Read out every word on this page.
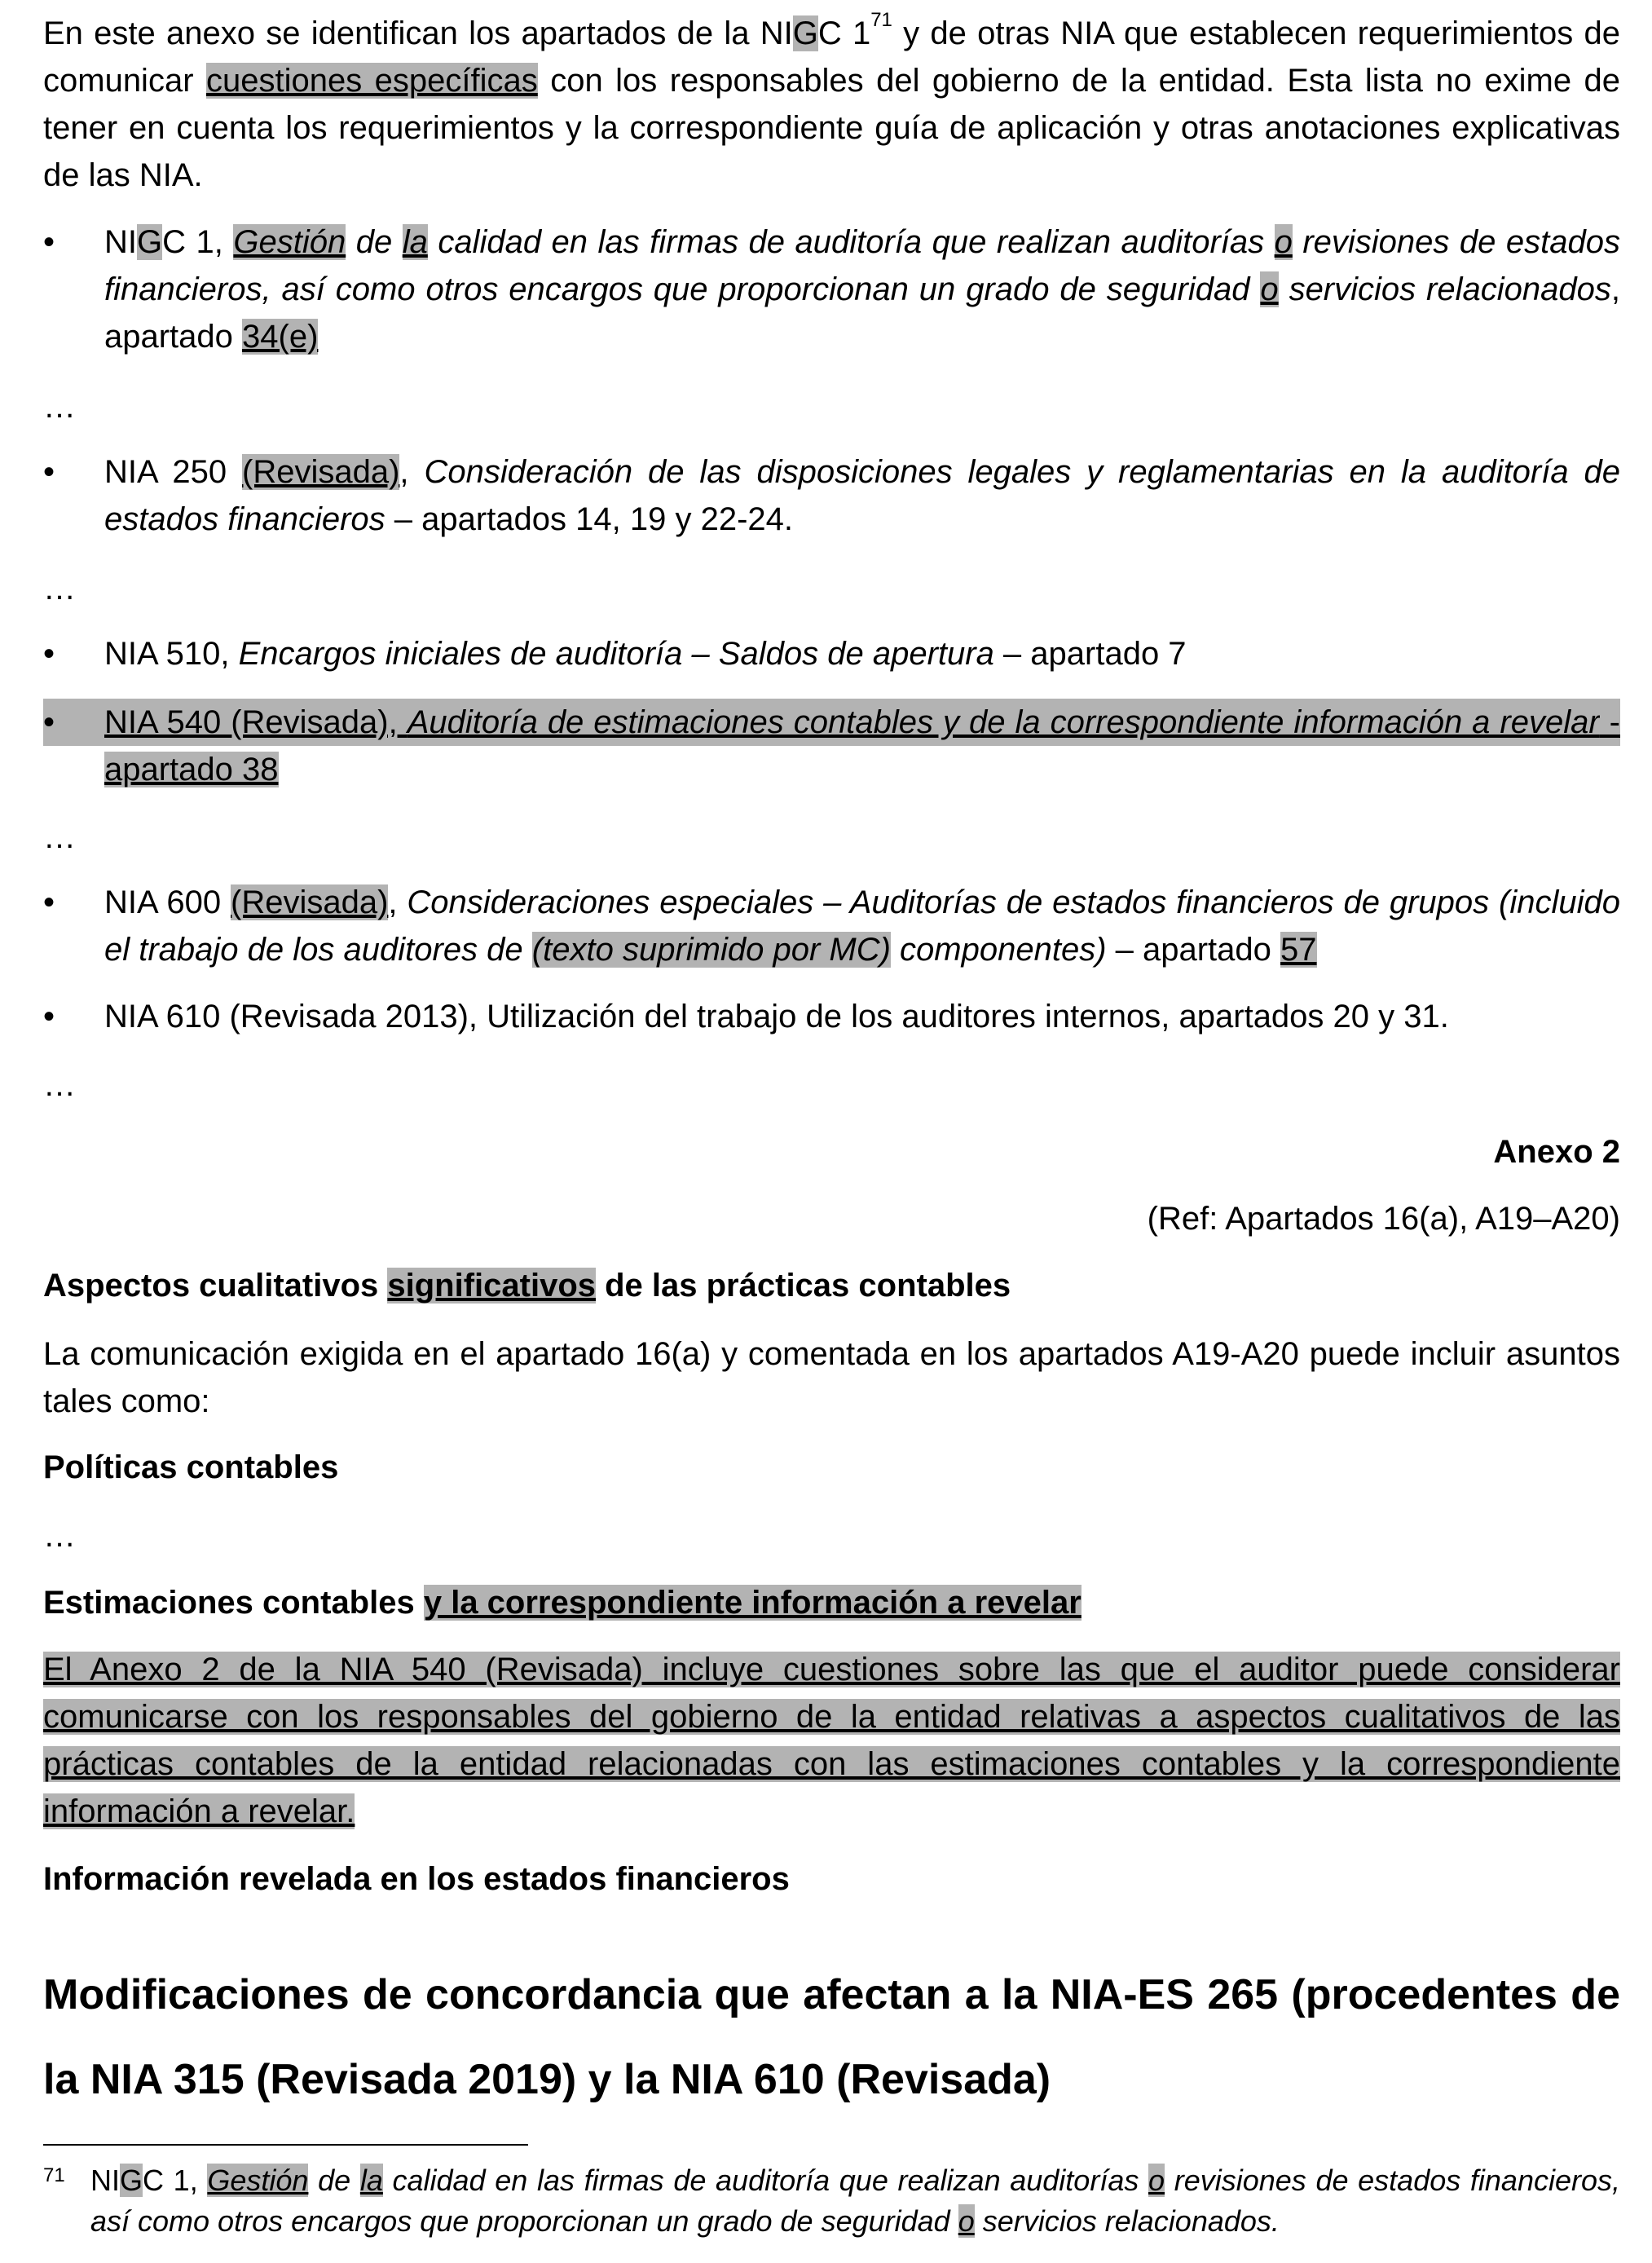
En este anexo se identifican los apartados de la NIGC $1^{71}$ y de otras NIA que establecen requerimientos de comunicar cuestiones específicas con los responsables del gobierno de la entidad. Esta lista no exime de tener en cuenta los requerimientos y la correspondiente guía de aplicación y otras anotaciones explicativas de las NIA.

• NIGC 1, Gestión de la calidad en las firmas de auditoría que realizan auditorías o revisiones de estados financieros, así como otros encargos que proporcionan un grado de seguridad o servicios relacionados, apartado 34(e)

…

• NIA 250 (Revisada), Consideración de las disposiciones legales y reglamentarias en la auditoría de estados financieros – apartados 14, 19 y 22-24.

…

• NIA 510, Encargos iniciales de auditoría – Saldos de apertura – apartado 7

• NIA 540 (Revisada), Auditoría de estimaciones contables y de la correspondiente información a revelar - apartado 38

…

• NIA 600 (Revisada), Consideraciones especiales – Auditorías de estados financieros de grupos (incluido el trabajo de los auditores de (texto suprimido por MC) componentes) – apartado 57

• NIA 610 (Revisada 2013), Utilización del trabajo de los auditores internos, apartados 20 y 31.

…

Anexo 2

(Ref: Apartados 16(a), A19–A20)

Aspectos cualitativos significativos de las prácticas contables

La comunicación exigida en el apartado 16(a) y comentada en los apartados A19-A20 puede incluir asuntos tales como:

Políticas contables

…

Estimaciones contables y la correspondiente información a revelar

El Anexo 2 de la NIA 540 (Revisada) incluye cuestiones sobre las que el auditor puede considerar comunicarse con los responsables del gobierno de la entidad relativas a aspectos cualitativos de las prácticas contables de la entidad relacionadas con las estimaciones contables y la correspondiente información a revelar.

Información revelada en los estados financieros

Modificaciones de concordancia que afectan a la NIA-ES 265 (procedentes de la NIA 315 (Revisada 2019) y la NIA 610 (Revisada)

71 NIGC 1, Gestión de la calidad en las firmas de auditoría que realizan auditorías o revisiones de estados financieros, así como otros encargos que proporcionan un grado de seguridad o servicios relacionados.
